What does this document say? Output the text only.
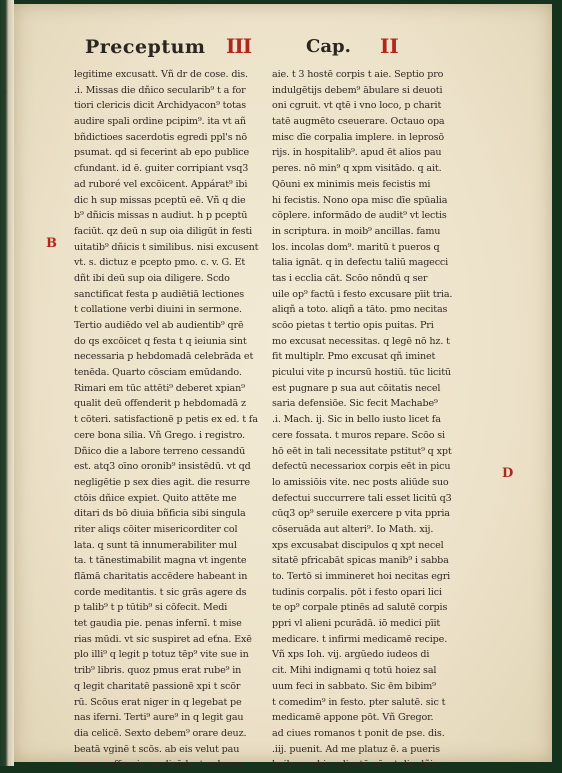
f
Preceptum III	Cap. II
B
D
legitime excusatt. Vñ dr de cose. dis.
.i. Missas die dñico secularib⁹ t a for
tiori clericis dicit Archidyacon⁹ totas
audire spali ordine pcipim⁹. ita vt añ
bñdictioes sacerdotis egredi ppl's nō
psumat. qd si fecerint ab epo publice
cfundant. id ē. guiter corripiant vsq3
ad ruboré vel excōicent. Appárat⁹ ibi
dic h sup missas pceptū eē. Vñ q die
b⁹ dñicis missas n audiut. h p pceptū
faciūt. qz deū n sup oia diligūt in festi
uitatib⁹ dñicis t similibus. nisi excusent
vt. s. dictuz e pcepto pmo. c. v. G. Et
dñt ibi deū sup oia diligere. Scdo
sanctificat festa p audiētiā lectiones
t collatione verbi diuini in sermone.
Tertio audiēdo vel ab audientib⁹ qrē
do qs excōicet q festa t q ieiunia sint
necessaria p hebdomadā celebrāda et
tenēda. Quarto cōsciam emūdando.
Rimari em tūc attēti⁹ deberet xpian⁹
qualit deū offenderit p hebdomadā z
t cōteri. satisfactionē p petis ex ed. t fa
cere bona silia. Vñ Grego. i registro.
Dñico die a labore terreno cessandū
est. atq3 oīno oronib⁹ insistēdū. vt qd
negligētie p sex dies agit. die resurre
ctōis dñice expiet. Quito attēte me
ditari ds bō diuia bñficia sibi singula
riter aliqs cōiter misericorditer col
lata. q sunt tā innumerabiliter mul
ta. t tānestimabilit magna vt ingente
flāmā charitatis accēdere habeant in
corde meditantis. t sic grās agere ds
p talib⁹ t p tūtib⁹ si cōfecit. Medi
tet gaudia pie. penas infernī. t mise
rias mūdi. vt sic suspiret ad eťna. Exē
plo illi⁹ q legit p totuz tēp⁹ vite sue in
trib⁹ libris. quoz pmus erat rube⁹ in
q legit charitatē passionē xpi t scōr
rū. Scōus erat niger in q legebat pe
nas iferni. Terti⁹ aure⁹ in q legit gau
dia celicē. Sexto debem⁹ orare deuz.
beatā vginē t scōs. ab eis velut pau
peres suffragia medicādo. t vulnera
aie. t 3 hostē corpis t aie. Septio pro
indulgētijs debem⁹ ābulare si deuoti
oni cgruit. vt qtē i vno loco, p charit
tatē augmēto cseuerare. Octauo opa
misc dīe corpalia implere. in leprosō
rijs. in hospitalib⁹. apud ēt alios pau
peres. nō min⁹ q xpm visitādo. q ait.
Qōuni ex minimis meis fecistis mi
hi fecistis. Nono opa misc dīe spūalia
cōplere. informādo de audit⁹ vt lectis
in scriptura. in moib⁹ ancillas. famu
los. incolas dom⁹. maritū t pueros q
talia ignāt. q in defectu taliū magecci
tas i ecclia cāt. Scōo nōndū q ser
uile op⁹ factū i festo excusare pīit tria.
aliqñ a toto. aliqñ a tāto. pmo necitas
scōo pietas t tertio opis puitas. Pri
mo excusat necessitas. q legē nō hz. t
fit multiplr. Pmo excusat qñ iminet
picului vite p incursū hostiū. tūc licitū
est pugnare p sua aut cōitatis necel
saria defensiōe. Sic fecit Machabe⁹
.i. Mach. ij. Sic in bello iusto licet fa
cere fossata. t muros repare. Scōo si
hō eēt in tali necessitate pstitut⁹ q xpt
defectū necessariox corpis eēt in picu
lo amissiōis vite. nec posts aliūde suo
defectui succurrere tali esset licitū q3
cūq3 op⁹ seruile exercere p vita ppria
cōseruāda aut alteri⁹. Io Math. xij.
xps excusabat discipulos q xpt necel
sitatē pfricabāt spicas manib⁹ i sabba
to. Tertō si immineret hoi necitas egri
tudinis corpalis. pōt i festo opari lici
te op⁹ corpale ptinēs ad salutē corpis
ppri vl alieni pcurādā. iō medici pīit
medicare. t infirmi medicamē recipe.
Vñ xps Ioh. vij. argūedo iudeos di
cit. Mihi indignami q totū hoiez sal
uum feci in sabbato. Sic ēm bibim⁹
t comedim⁹ in festo. pter salutē. sic t
medicamē appone pōt. Vñ Gregor.
ad ciues romanos t ponit de pse. dis.
.iij. puenit. Ad me platuz ē. a pueris
hoibus vobis pdicatū eē. vt die dñico
